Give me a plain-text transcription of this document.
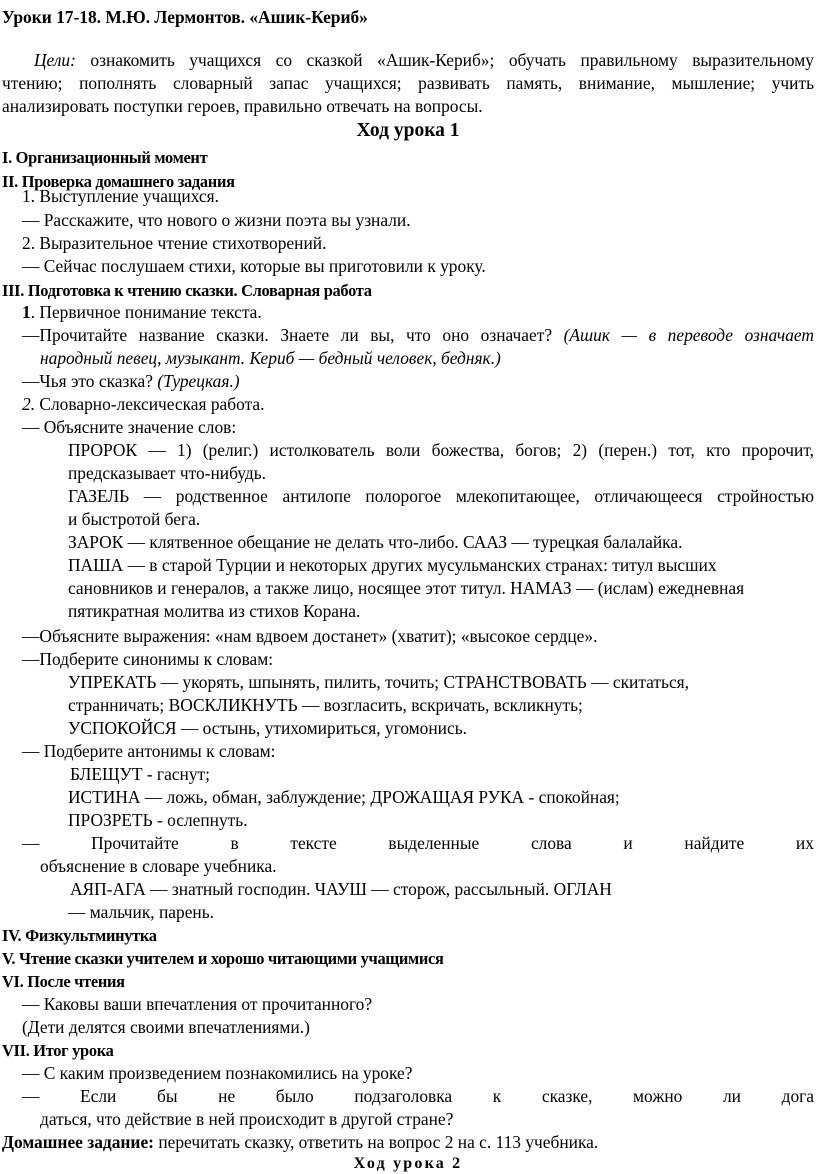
Уроки 17-18. М.Ю. Лермонтов. «Ашик-Кериб»
Цели: ознакомить учащихся со сказкой «Ашик-Кериб»; обучать правильному выразительному
чтению; пополнять словарный запас учащихся; развивать память, внимание, мышление; учить
анализировать поступки героев, правильно отвечать на вопросы.
Ход урока 1
I. Организационный момент
II. Проверка домашнего задания
1. Выступление учащихся.
— Расскажите, что нового о жизни поэта вы узнали.
2. Выразительное чтение стихотворений.
— Сейчас послушаем стихи, которые вы приготовили к уроку.
III. Подготовка к чтению сказки. Словарная работа
1. Первичное понимание текста.
—Прочитайте название сказки. Знаете ли вы, что оно означает? (Ашик — в переводе означает
народный певец, музыкант. Кериб — бедный человек, бедняк.)
—Чья это сказка? (Турецкая.)
2. Словарно-лексическая работа.
— Объясните значение слов:
ПРОРОК — 1) (религ.) истолкователь воли божества, богов; 2) (перен.) тот, кто пророчит,
предсказывает что-нибудь.
ГАЗЕЛЬ — родственное антилопе полорогое млекопитающее, отличающееся стройностью
и быстротой бега.
ЗАРОК — клятвенное обещание не делать что-либо. СААЗ — турецкая балалайка.
ПАША — в старой Турции и некоторых других мусульманских странах: титул высших
сановников и генералов, а также лицо, носящее этот титул. НАМАЗ — (ислам) ежедневная
пятикратная молитва из стихов Корана.
—Объясните выражения: «нам вдвоем достанет» (хватит); «высокое сердце».
—Подберите синонимы к словам:
УПРЕКАТЬ — укорять, шпынять, пилить, точить; СТРАНСТВОВАТЬ — скитаться,
странничать; ВОСКЛИКНУТЬ — возгласить, вскричать, вскликнуть;
УСПОКОЙСЯ — остынь, утихомириться, угомонись.
— Подберите антонимы к словам:
БЛЕЩУТ - гаснут;
ИСТИНА — ложь, обман, заблуждение; ДРОЖАЩАЯ РУКА - спокойная;
ПРОЗРЕТЬ - ослепнуть.
—	Прочитайте	в	тексте	выделенные	слова	и	найдите	их
объяснение в словаре учебника.
АЯП-АГА — знатный господин. ЧАУШ — сторож, рассыльный. ОГЛАН
— мальчик, парень.
IV. Физкультминутка
V. Чтение сказки учителем и хорошо читающими учащимися
VI. После чтения
— Каковы ваши впечатления от прочитанного?
(Дети делятся своими впечатлениями.)
VII. Итог урока
— С каким произведением познакомились на уроке?
— Если бы не было подзаголовка к сказке, можно ли дога
даться, что действие в ней происходит в другой стране?
Домашнее задание: перечитать сказку, ответить на вопрос 2 на с. 113 учебника.
Ход урока 2
